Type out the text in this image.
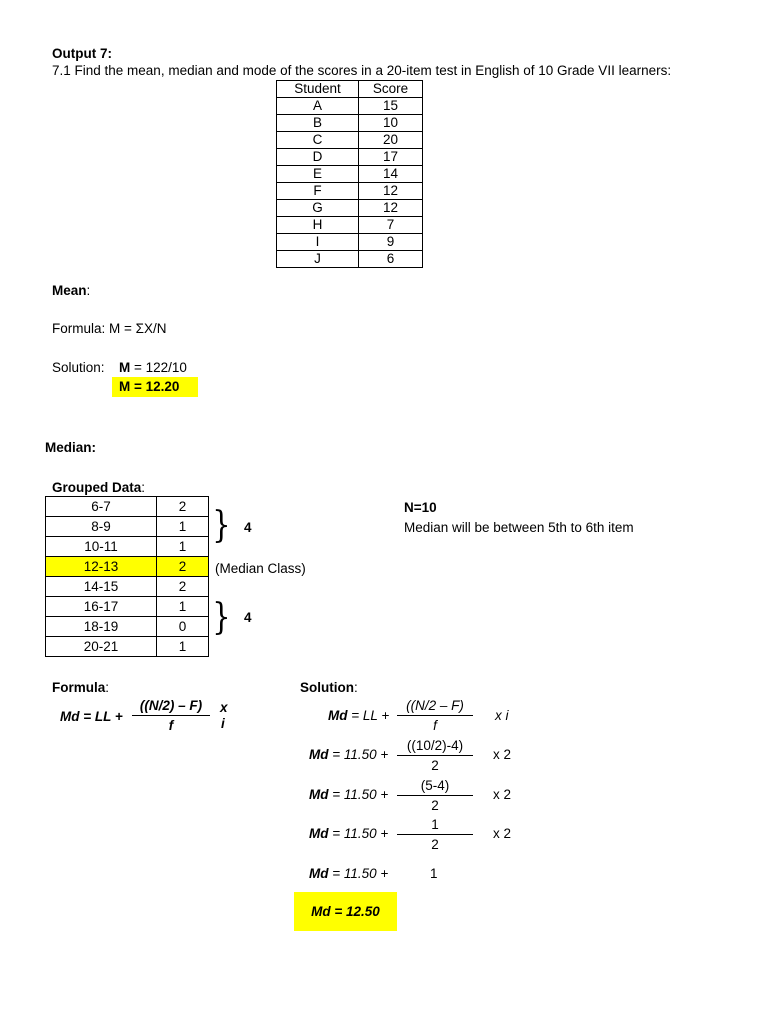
Output 7:
7.1 Find the mean, median and mode of the scores in a 20-item test in English of 10 Grade VII learners:
Student	Score
A	15
B	10
C	20
D	17
E	14
F	12
G	12
H	7
I	9
J	6
Mean:
Formula: M = ΣX/N
Solution: M = 122/10
M = 12.20
Median:
Grouped Data:
6-7	2
8-9	1
10-11	1
12-13	2
14-15	2
16-17	1
18-19	0
20-21	1
} 4
(Median Class)
} 4
N=10
Median will be between 5th to 6th item
Formula:
Md = LL + $\frac{((N/2) - F)}{f}$ x
i
Solution:
Md = LL + $\frac{((N/2 - F)}{f}$ x i
$Md = 11.50 + \frac{((10/2)-4)}{2}$ x 2
$Md = 11.50 + \frac{(5-4)}{2}$ x 2
$Md = 11.50 + \frac{1}{2}$ x 2
Md = 11.50 +	1
Md = 12.50
